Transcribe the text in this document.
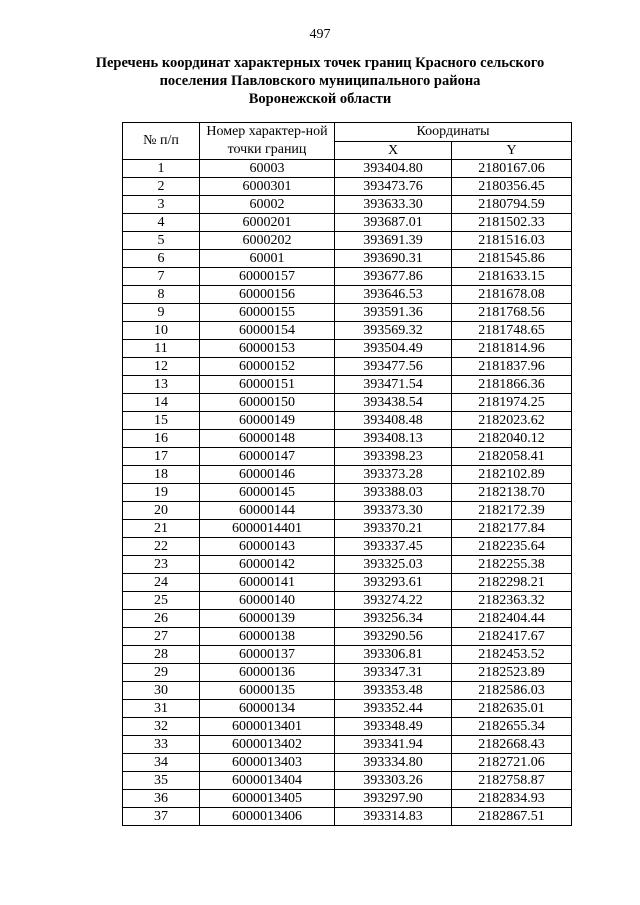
497
Перечень координат характерных точек границ Красного сельского
поселения Павловского муниципального района
Воронежской области
№ п/п	Номер характер-ной точки границ	Координаты	
		X	Y
1	60003	393404.80	2180167.06
2	6000301	393473.76	2180356.45
3	60002	393633.30	2180794.59
4	6000201	393687.01	2181502.33
5	6000202	393691.39	2181516.03
6	60001	393690.31	2181545.86
7	60000157	393677.86	2181633.15
8	60000156	393646.53	2181678.08
9	60000155	393591.36	2181768.56
10	60000154	393569.32	2181748.65
11	60000153	393504.49	2181814.96
12	60000152	393477.56	2181837.96
13	60000151	393471.54	2181866.36
14	60000150	393438.54	2181974.25
15	60000149	393408.48	2182023.62
16	60000148	393408.13	2182040.12
17	60000147	393398.23	2182058.41
18	60000146	393373.28	2182102.89
19	60000145	393388.03	2182138.70
20	60000144	393373.30	2182172.39
21	6000014401	393370.21	2182177.84
22	60000143	393337.45	2182235.64
23	60000142	393325.03	2182255.38
24	60000141	393293.61	2182298.21
25	60000140	393274.22	2182363.32
26	60000139	393256.34	2182404.44
27	60000138	393290.56	2182417.67
28	60000137	393306.81	2182453.52
29	60000136	393347.31	2182523.89
30	60000135	393353.48	2182586.03
31	60000134	393352.44	2182635.01
32	6000013401	393348.49	2182655.34
33	6000013402	393341.94	2182668.43
34	6000013403	393334.80	2182721.06
35	6000013404	393303.26	2182758.87
36	6000013405	393297.90	2182834.93
37	6000013406	393314.83	2182867.51
